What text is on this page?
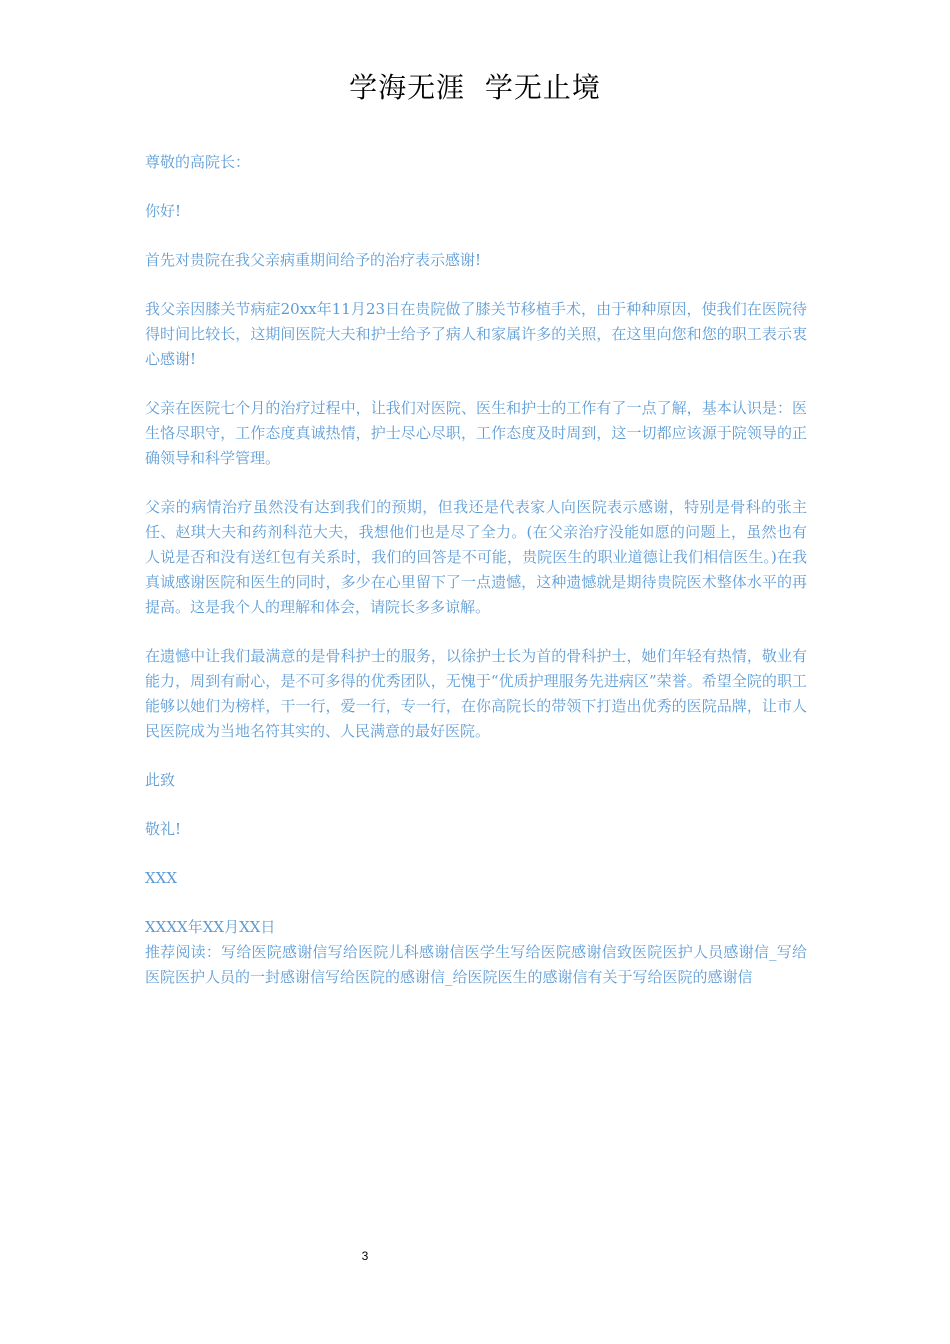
学海无涯  学无止境

尊敬的高院长：

你好!

首先对贵院在我父亲病重期间给予的治疗表示感谢!

我父亲因膝关节病症20xx年11月23日在贵院做了膝关节移植手术，由于种种原因，使我们在医院待得时间比较长，这期间医院大夫和护士给予了病人和家属许多的关照，在这里向您和您的职工表示衷心感谢!

父亲在医院七个月的治疗过程中，让我们对医院、医生和护士的工作有了一点了解，基本认识是：医生恪尽职守，工作态度真诚热情，护士尽心尽职，工作态度及时周到，这一切都应该源于院领导的正确领导和科学管理。

父亲的病情治疗虽然没有达到我们的预期，但我还是代表家人向医院表示感谢，特别是骨科的张主任、赵琪大夫和药剂科范大夫，我想他们也是尽了全力。(在父亲治疗没能如愿的问题上，虽然也有人说是否和没有送红包有关系时，我们的回答是不可能，贵院医生的职业道德让我们相信医生。)在我真诚感谢医院和医生的同时，多少在心里留下了一点遗憾，这种遗憾就是期待贵院医术整体水平的再提高。这是我个人的理解和体会，请院长多多谅解。

在遗憾中让我们最满意的是骨科护士的服务，以徐护士长为首的骨科护士，她们年轻有热情，敬业有能力，周到有耐心，是不可多得的优秀团队，无愧于“优质护理服务先进病区”荣誉。希望全院的职工能够以她们为榜样，干一行，爱一行，专一行，在你高院长的带领下打造出优秀的医院品牌，让市人民医院成为当地名符其实的、人民满意的最好医院。

此致

敬礼!

XXX

XXXX年XX月XX日

推荐阅读：写给医院感谢信写给医院儿科感谢信医学生写给医院感谢信致医院医护人员感谢信_写给医院医护人员的一封感谢信写给医院的感谢信_给医院医生的感谢信有关于写给医院的感谢信

3
